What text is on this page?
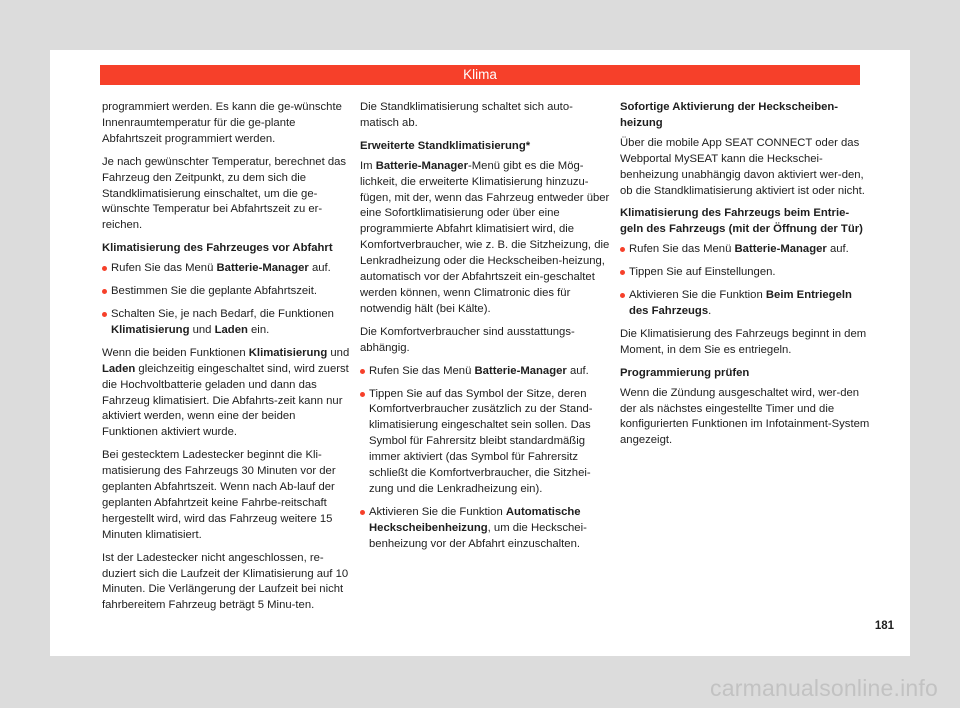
Klima

programmiert werden. Es kann die ge-wünschte Innenraumtemperatur für die ge-plante Abfahrtszeit programmiert werden.

Je nach gewünschter Temperatur, berechnet das Fahrzeug den Zeitpunkt, zu dem sich die Standklimatisierung einschaltet, um die ge-wünschte Temperatur bei Abfahrtszeit zu er-reichen.

Klimatisierung des Fahrzeuges vor Abfahrt

Rufen Sie das Menü Batterie-Manager auf.

Bestimmen Sie die geplante Abfahrtszeit.

Schalten Sie, je nach Bedarf, die Funktionen Klimatisierung und Laden ein.

Wenn die beiden Funktionen Klimatisierung und Laden gleichzeitig eingeschaltet sind, wird zuerst die Hochvoltbatterie geladen und dann das Fahrzeug klimatisiert. Die Abfahrts-zeit kann nur aktiviert werden, wenn eine der beiden Funktionen aktiviert wurde.

Bei gestecktem Ladestecker beginnt die Kli-matisierung des Fahrzeugs 30 Minuten vor der geplanten Abfahrtszeit. Wenn nach Ab-lauf der geplanten Abfahrtzeit keine Fahrbe-reitschaft hergestellt wird, wird das Fahrzeug weitere 15 Minuten klimatisiert.

Ist der Ladestecker nicht angeschlossen, re-duziert sich die Laufzeit der Klimatisierung auf 10 Minuten. Die Verlängerung der Laufzeit bei nicht fahrbereitem Fahrzeug beträgt 5 Minu-ten.

Die Standklimatisierung schaltet sich auto-matisch ab.

Erweiterte Standklimatisierung*

Im Batterie-Manager-Menü gibt es die Mög-lichkeit, die erweiterte Klimatisierung hinzuzu-fügen, mit der, wenn das Fahrzeug entweder über eine Sofortklimatisierung oder über eine programmierte Abfahrt klimatisiert wird, die Komfortverbraucher, wie z. B. die Sitzheizung, die Lenkradheizung oder die Heckscheiben-heizung, automatisch vor der Abfahrtszeit ein-geschaltet werden können, wenn Climatronic dies für notwendig hält (bei Kälte).

Die Komfortverbraucher sind ausstattungs-abhängig.

Rufen Sie das Menü Batterie-Manager auf.

Tippen Sie auf das Symbol der Sitze, deren Komfortverbraucher zusätzlich zu der Stand-klimatisierung eingeschaltet sein sollen. Das Symbol für Fahrersitz bleibt standardmäßig immer aktiviert (das Symbol für Fahrersitz schließt die Komfortverbraucher, die Sitzhei-zung und die Lenkradheizung ein).

Aktivieren Sie die Funktion Automatische Heckscheibenheizung, um die Heckschei-benheizung vor der Abfahrt einzuschalten.

Sofortige Aktivierung der Heckscheiben-heizung

Über die mobile App SEAT CONNECT oder das Webportal MySEAT kann die Heckschei-benheizung unabhängig davon aktiviert wer-den, ob die Standklimatisierung aktiviert ist oder nicht.

Klimatisierung des Fahrzeugs beim Entrie-geln des Fahrzeugs (mit der Öffnung der Tür)

Rufen Sie das Menü Batterie-Manager auf.

Tippen Sie auf Einstellungen.

Aktivieren Sie die Funktion Beim Entriegeln des Fahrzeugs.

Die Klimatisierung des Fahrzeugs beginnt in dem Moment, in dem Sie es entriegeln.

Programmierung prüfen

Wenn die Zündung ausgeschaltet wird, wer-den der als nächstes eingestellte Timer und die konfigurierten Funktionen im Infotainment-System angezeigt.

181
carmanualsonline.info
